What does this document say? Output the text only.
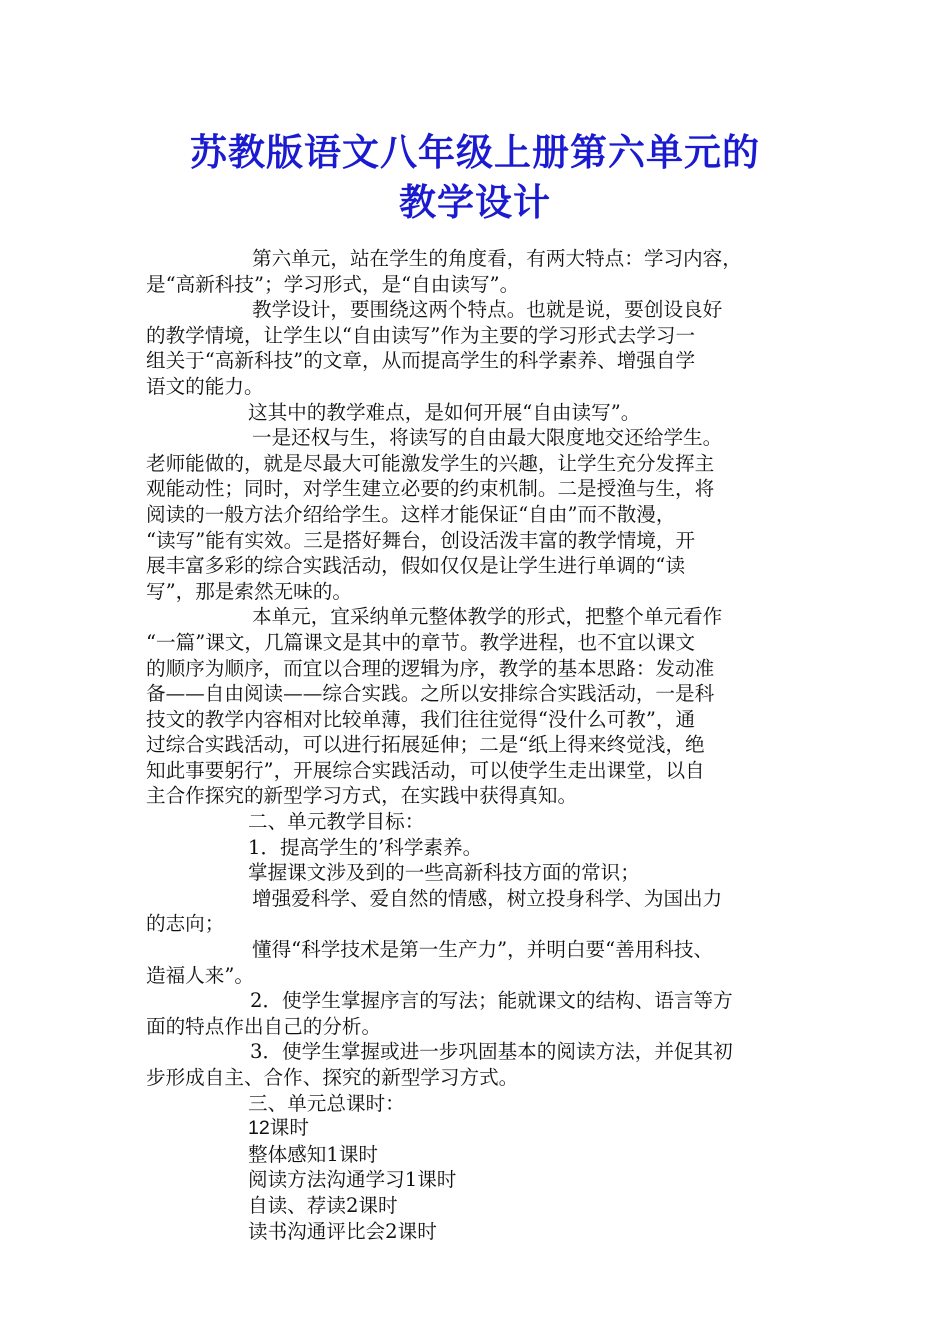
苏教版语文八年级上册第六单元的
教学设计

第六单元，站在学生的角度看，有两大特点：学习内容，

是“高新科技”；学习形式，是“自由读写”。

教学设计，要围绕这两个特点。也就是说，要创设良好

的教学情境，让学生以“自由读写”作为主要的学习形式去学习一

组关于“高新科技”的文章，从而提高学生的科学素养、增强自学

语文的能力。

这其中的教学难点，是如何开展“自由读写”。

一是还权与生，将读写的自由最大限度地交还给学生。

老师能做的，就是尽最大可能激发学生的兴趣，让学生充分发挥主

观能动性；同时，对学生建立必要的约束机制。二是授渔与生，将

阅读的一般方法介绍给学生。这样才能保证“自由”而不散漫，

“读写”能有实效。三是搭好舞台，创设活泼丰富的教学情境，开

展丰富多彩的综合实践活动，假如仅仅是让学生进行单调的“读

写”，那是索然无味的。

本单元，宜采纳单元整体教学的形式，把整个单元看作

“一篇”课文，几篇课文是其中的章节。教学进程，也不宜以课文

的顺序为顺序，而宜以合理的逻辑为序，教学的基本思路：发动准

备——自由阅读——综合实践。之所以安排综合实践活动，一是科

技文的教学内容相对比较单薄，我们往往觉得“没什么可教”，通

过综合实践活动，可以进行拓展延伸；二是“纸上得来终觉浅，绝

知此事要躬行”，开展综合实践活动，可以使学生走出课堂，以自

主合作探究的新型学习方式，在实践中获得真知。

二、单元教学目标：

1．提高学生的’科学素养。

掌握课文涉及到的一些高新科技方面的常识；

增强爱科学、爱自然的情感，树立投身科学、为国出力

的志向；

懂得“科学技术是第一生产力”，并明白要“善用科技、

造福人来”。

2．使学生掌握序言的写法；能就课文的结构、语言等方

面的特点作出自己的分析。

3．使学生掌握或进一步巩固基本的阅读方法，并促其初

步形成自主、合作、探究的新型学习方式。

三、单元总课时：

12课时

整体感知1课时

阅读方法沟通学习1课时

自读、荐读2课时

读书沟通评比会2课时
